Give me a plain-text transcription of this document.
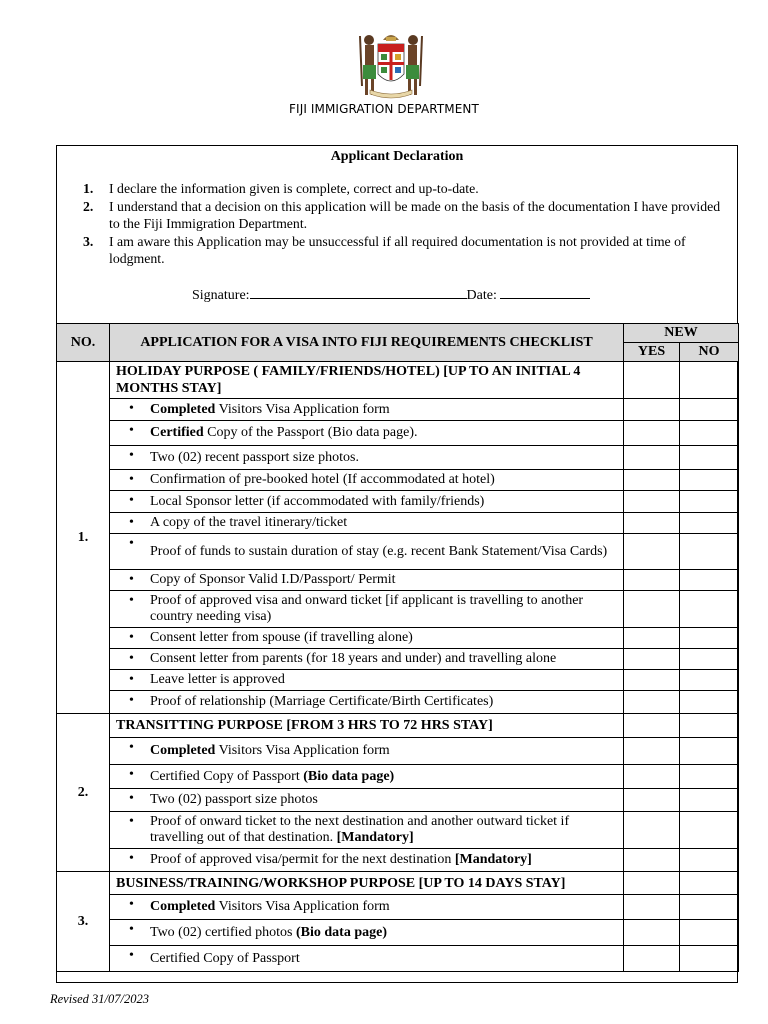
FIJI IMMIGRATION DEPARTMENT
Applicant Declaration
1.	I declare the information given is complete, correct and up-to-date.
2.	I understand that a decision on this application will be made on the basis of the documentation I have provided to the Fiji Immigration Department.
3.	I am aware this Application may be unsuccessful if all required documentation is not provided at time of lodgment.
Signature:	Date:
NO.	APPLICATION FOR A VISA INTO FIJI REQUIREMENTS CHECKLIST	NEW	
		YES	NO
1.	HOLIDAY PURPOSE ( FAMILY/FRIENDS/HOTEL) [UP TO AN INITIAL 4 MONTHS STAY]		
	• Completed Visitors Visa Application form		
	• Certified Copy of the Passport (Bio data page).		
	• Two (02) recent passport size photos.		
	• Confirmation of pre-booked hotel (If accommodated at hotel)		
	• Local Sponsor letter (if accommodated with family/friends)		
	• A copy of the travel itinerary/ticket		
	• Proof of funds to sustain duration of stay (e.g. recent Bank Statement/Visa Cards)		
	• Copy of Sponsor Valid I.D/Passport/ Permit		
	• Proof of approved visa and onward ticket [if applicant is travelling to another country needing visa)		
	• Consent letter from spouse (if travelling alone)		
	• Consent letter from parents (for 18 years and under) and travelling alone		
	• Leave letter is approved		
	• Proof of relationship (Marriage Certificate/Birth Certificates)		
2.	TRANSITTING PURPOSE [FROM 3 HRS TO 72 HRS STAY]		
	• Completed Visitors Visa Application form		
	• Certified Copy of Passport (Bio data page)		
	• Two (02) passport size photos		
	• Proof of onward ticket to the next destination and another outward ticket if travelling out of that destination. [Mandatory]		
	• Proof of approved visa/permit for the next destination [Mandatory]		
3.	BUSINESS/TRAINING/WORKSHOP PURPOSE [UP TO 14 DAYS STAY]		
	• Completed Visitors Visa Application form		
	• Two (02) certified photos (Bio data page)		
	• Certified Copy of Passport		
Revised 31/07/2023
